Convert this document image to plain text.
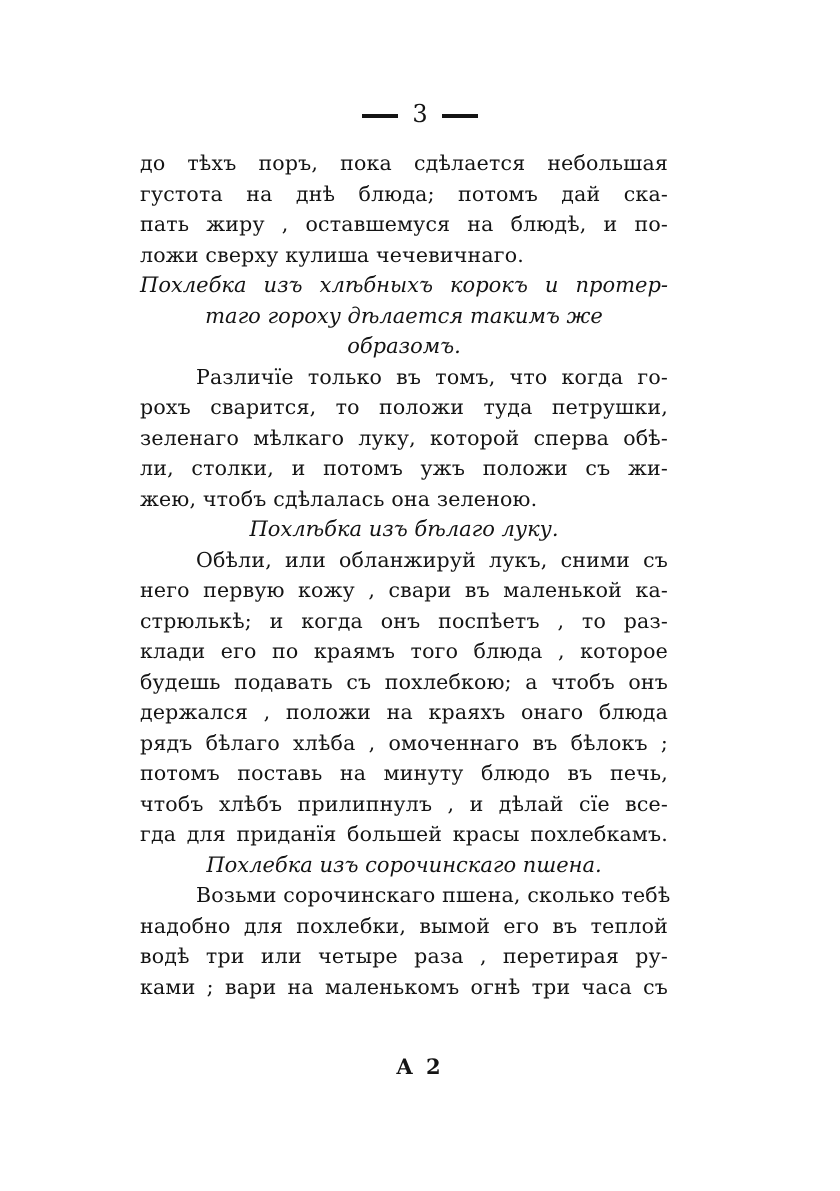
3
до тѣхъ поръ, пока сдѣлается небольшая
густота на днѣ блюда; потомъ дай ска-
пать жиру , оставшемуся на блюдѣ, и по-
ложи сверху кулиша чечевичнаго.
Похлебка изъ хлѣбныхъ корокъ и протер-
таго гороху дѣлается такимъ же
образомъ.
Различїе только въ томъ, что когда го-
рохъ сварится, то положи туда петрушки,
зеленаго мѣлкаго луку, которой сперва обѣ-
ли, столки, и потомъ ужъ положи съ жи-
жею, чтобъ сдѣлалась она зеленою.
Похлѣбка изъ бѣлаго луку.
Обѣли, или обланжируй лукъ, сними съ
него первую кожу , свари въ маленькой ка-
стрюлькѣ; и когда онъ поспѣетъ , то раз-
клади его по краямъ того блюда , которое
будешь подавать съ похлебкою; а чтобъ онъ
держался , положи на краяхъ онаго блюда
рядъ бѣлаго хлѣба , омоченнаго въ бѣлокъ ;
потомъ поставь на минуту блюдо въ печь,
чтобъ хлѣбъ прилипнулъ , и дѣлай сїе все-
гда для приданїя большей красы похлебкамъ.
Похлебка изъ сорочинскаго пшена.
Возьми сорочинскаго пшена, сколько тебѣ
надобно для похлебки, вымой его въ теплой
водѣ три или четыре раза , перетирая ру-
ками ; вари на маленькомъ огнѣ три часа съ
A 2
